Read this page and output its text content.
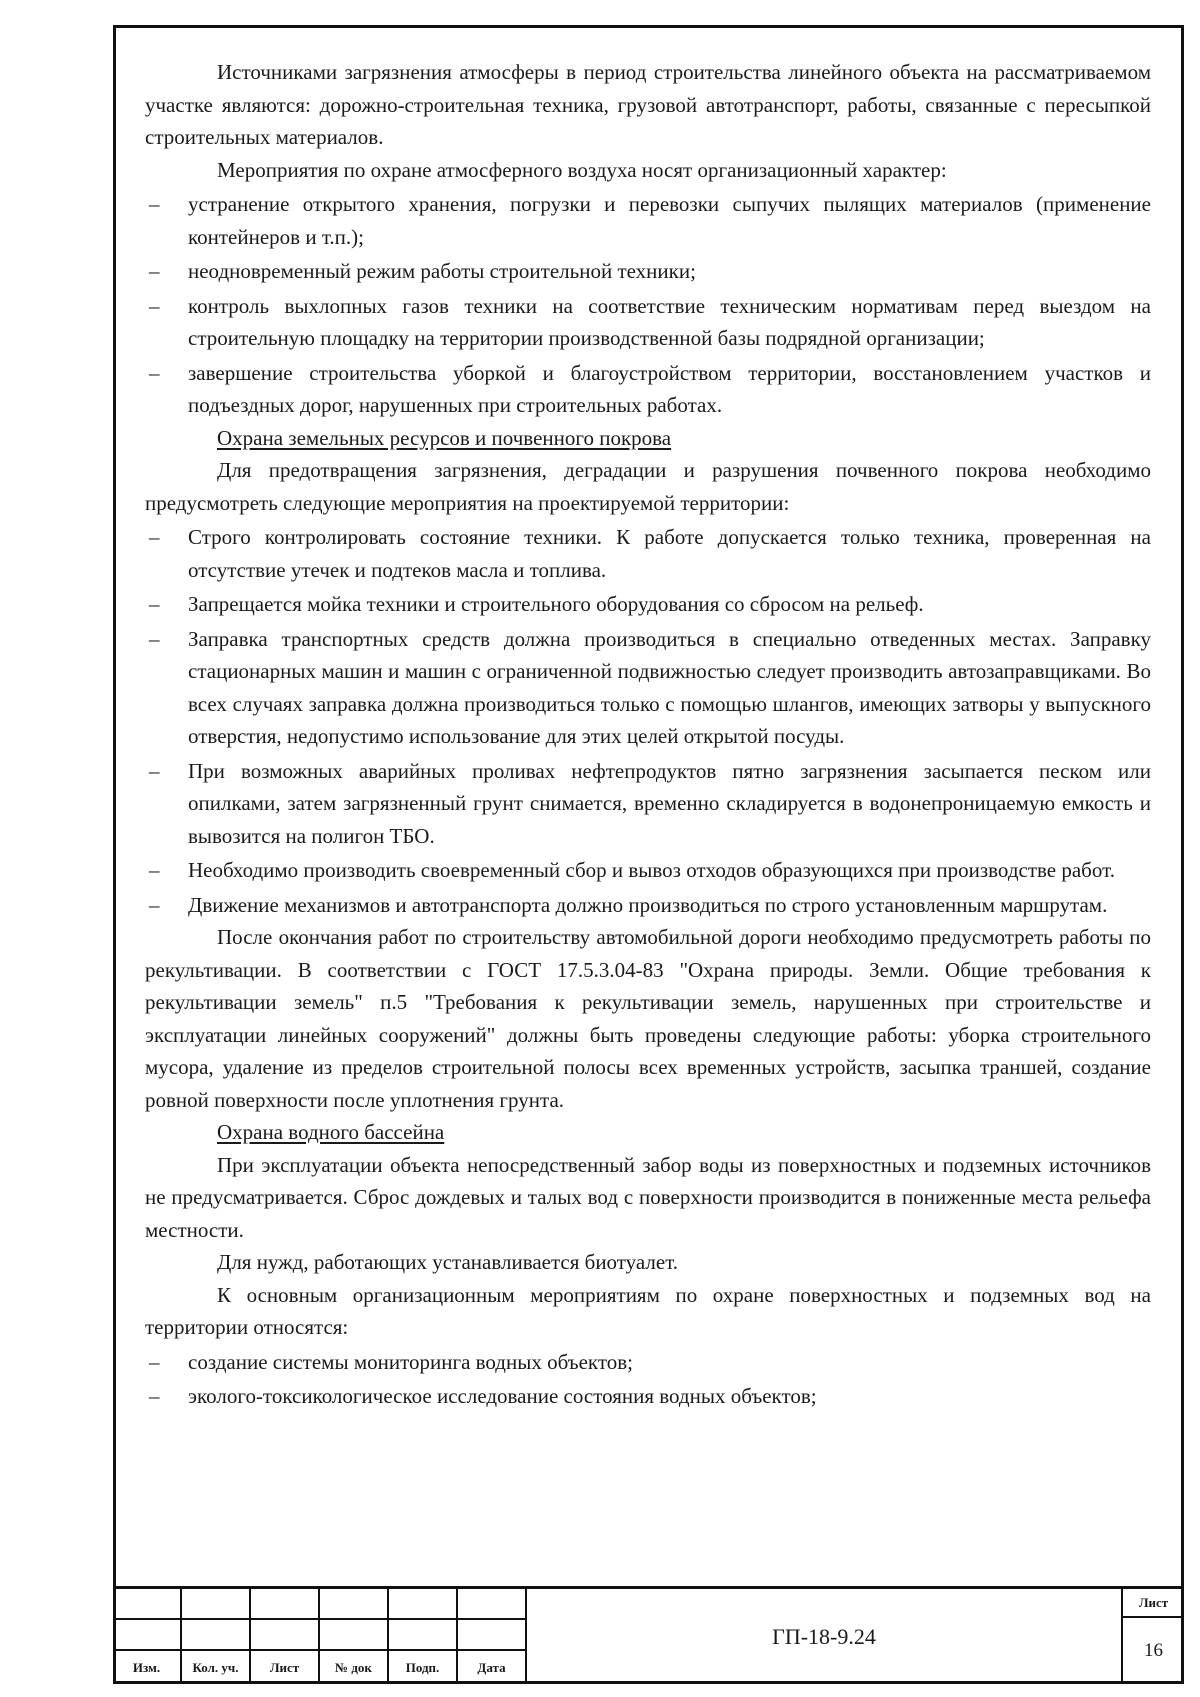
Источниками загрязнения атмосферы в период строительства линейного объекта на рассматриваемом участке являются: дорожно-строительная техника, грузовой автотранспорт, работы, связанные с пересыпкой строительных материалов.

Мероприятия по охране атмосферного воздуха носят организационный характер:

– устранение открытого хранения, погрузки и перевозки сыпучих пылящих материалов (применение контейнеров и т.п.);

– неодновременный режим работы строительной техники;

– контроль выхлопных газов техники на соответствие техническим нормативам перед выездом на строительную площадку на территории производственной базы подрядной организации;

– завершение строительства уборкой и благоустройством территории, восстановлением участков и подъездных дорог, нарушенных при строительных работах.

Охрана земельных ресурсов и почвенного покрова

Для предотвращения загрязнения, деградации и разрушения почвенного покрова необходимо предусмотреть следующие мероприятия на проектируемой территории:

– Строго контролировать состояние техники. К работе допускается только техника, проверенная на отсутствие утечек и подтеков масла и топлива.

– Запрещается мойка техники и строительного оборудования со сбросом на рельеф.

– Заправка транспортных средств должна производиться в специально отведенных местах. Заправку стационарных машин и машин с ограниченной подвижностью следует производить автозаправщиками. Во всех случаях заправка должна производиться только с помощью шлангов, имеющих затворы у выпускного отверстия, недопустимо использование для этих целей открытой посуды.

– При возможных аварийных проливах нефтепродуктов пятно загрязнения засыпается песком или опилками, затем загрязненный грунт снимается, временно складируется в водонепроницаемую емкость и вывозится на полигон ТБО.

– Необходимо производить своевременный сбор и вывоз отходов образующихся при производстве работ.

– Движение механизмов и автотранспорта должно производиться по строго установленным маршрутам.

После окончания работ по строительству автомобильной дороги необходимо предусмотреть работы по рекультивации. В соответствии с ГОСТ 17.5.3.04-83 "Охрана природы. Земли. Общие требования к рекультивации земель" п.5 "Требования к рекультивации земель, нарушенных при строительстве и эксплуатации линейных сооружений" должны быть проведены следующие работы: уборка строительного мусора, удаление из пределов строительной полосы всех временных устройств, засыпка траншей, создание ровной поверхности после уплотнения грунта.

Охрана водного бассейна

При эксплуатации объекта непосредственный забор воды из поверхностных и подземных источников не предусматривается. Сброс дождевых и талых вод с поверхности производится в пониженные места рельефа местности.

Для нужд, работающих устанавливается биотуалет.

К основным организационным мероприятиям по охране поверхностных и подземных вод на территории относятся:

– создание системы мониторинга водных объектов;

– эколого-токсикологическое исследование состояния водных объектов;

Изм.	Кол. уч.	Лист	№ док	Подп.	Дата
ГП-18-9.24
Лист
16
